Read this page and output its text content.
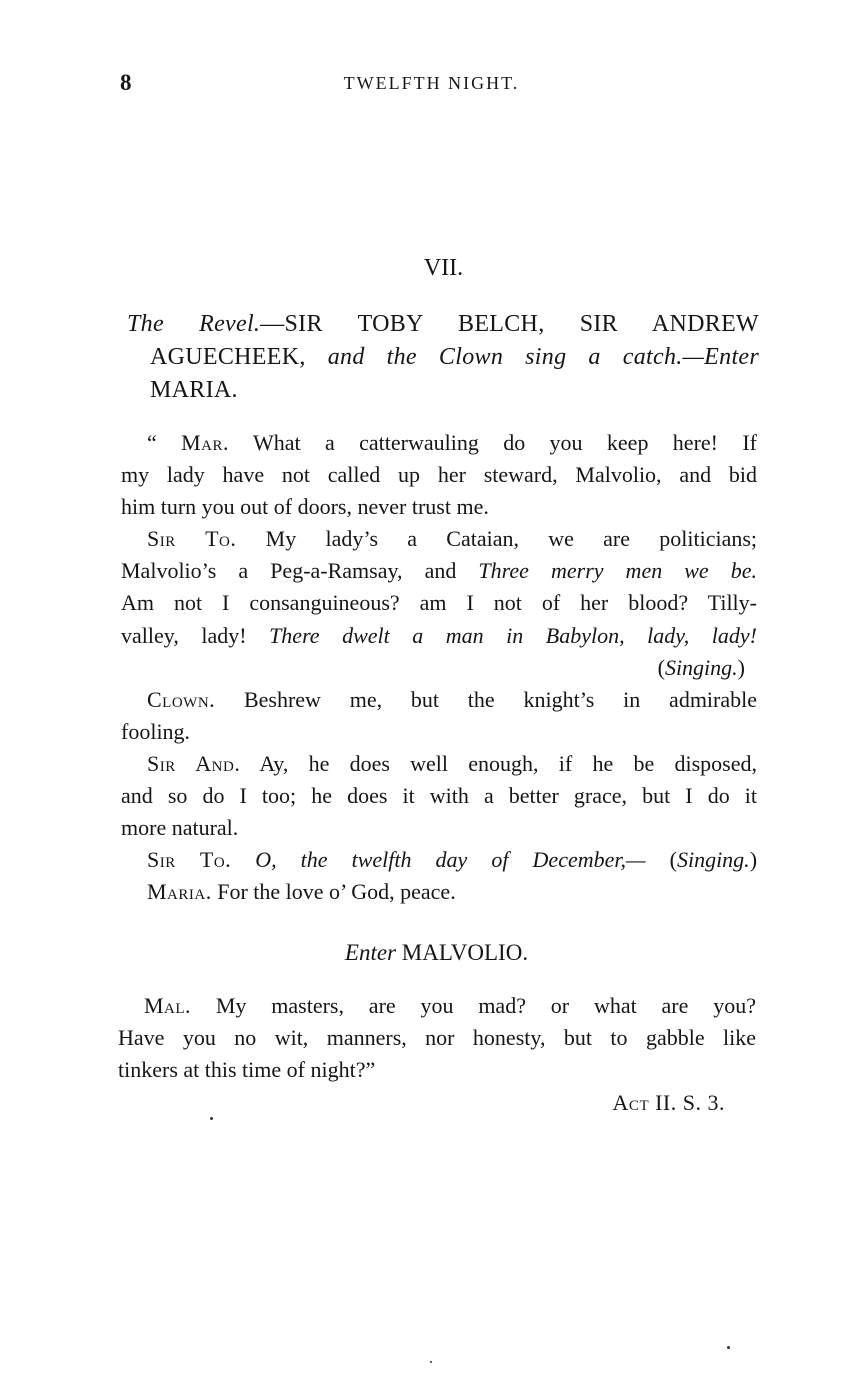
8	TWELFTH NIGHT.
VII.
The Revel.—SIR TOBY BELCH, SIR ANDREW
AGUECHEEK, and the Clown sing a catch.—Enter
MARIA.
“ Mar. What a catterwauling do you keep here! If
my lady have not called up her steward, Malvolio, and bid
him turn you out of doors, never trust me.
Sir To. My lady’s a Cataian, we are politicians;
Malvolio’s a Peg-a-Ramsay, and Three merry men we be.
Am not I consanguineous? am I not of her blood? Tilly-
valley, lady! There dwelt a man in Babylon, lady, lady!
(Singing.)
Clown. Beshrew me, but the knight’s in admirable
fooling.
Sir And. Ay, he does well enough, if he be disposed,
and so do I too; he does it with a better grace, but I do it
more natural.
Sir To. O, the twelfth day of December,— (Singing.)
Maria. For the love o’ God, peace.
Enter MALVOLIO.
Mal. My masters, are you mad? or what are you?
Have you no wit, manners, nor honesty, but to gabble like
tinkers at this time of night?”
Act II. S. 3.
